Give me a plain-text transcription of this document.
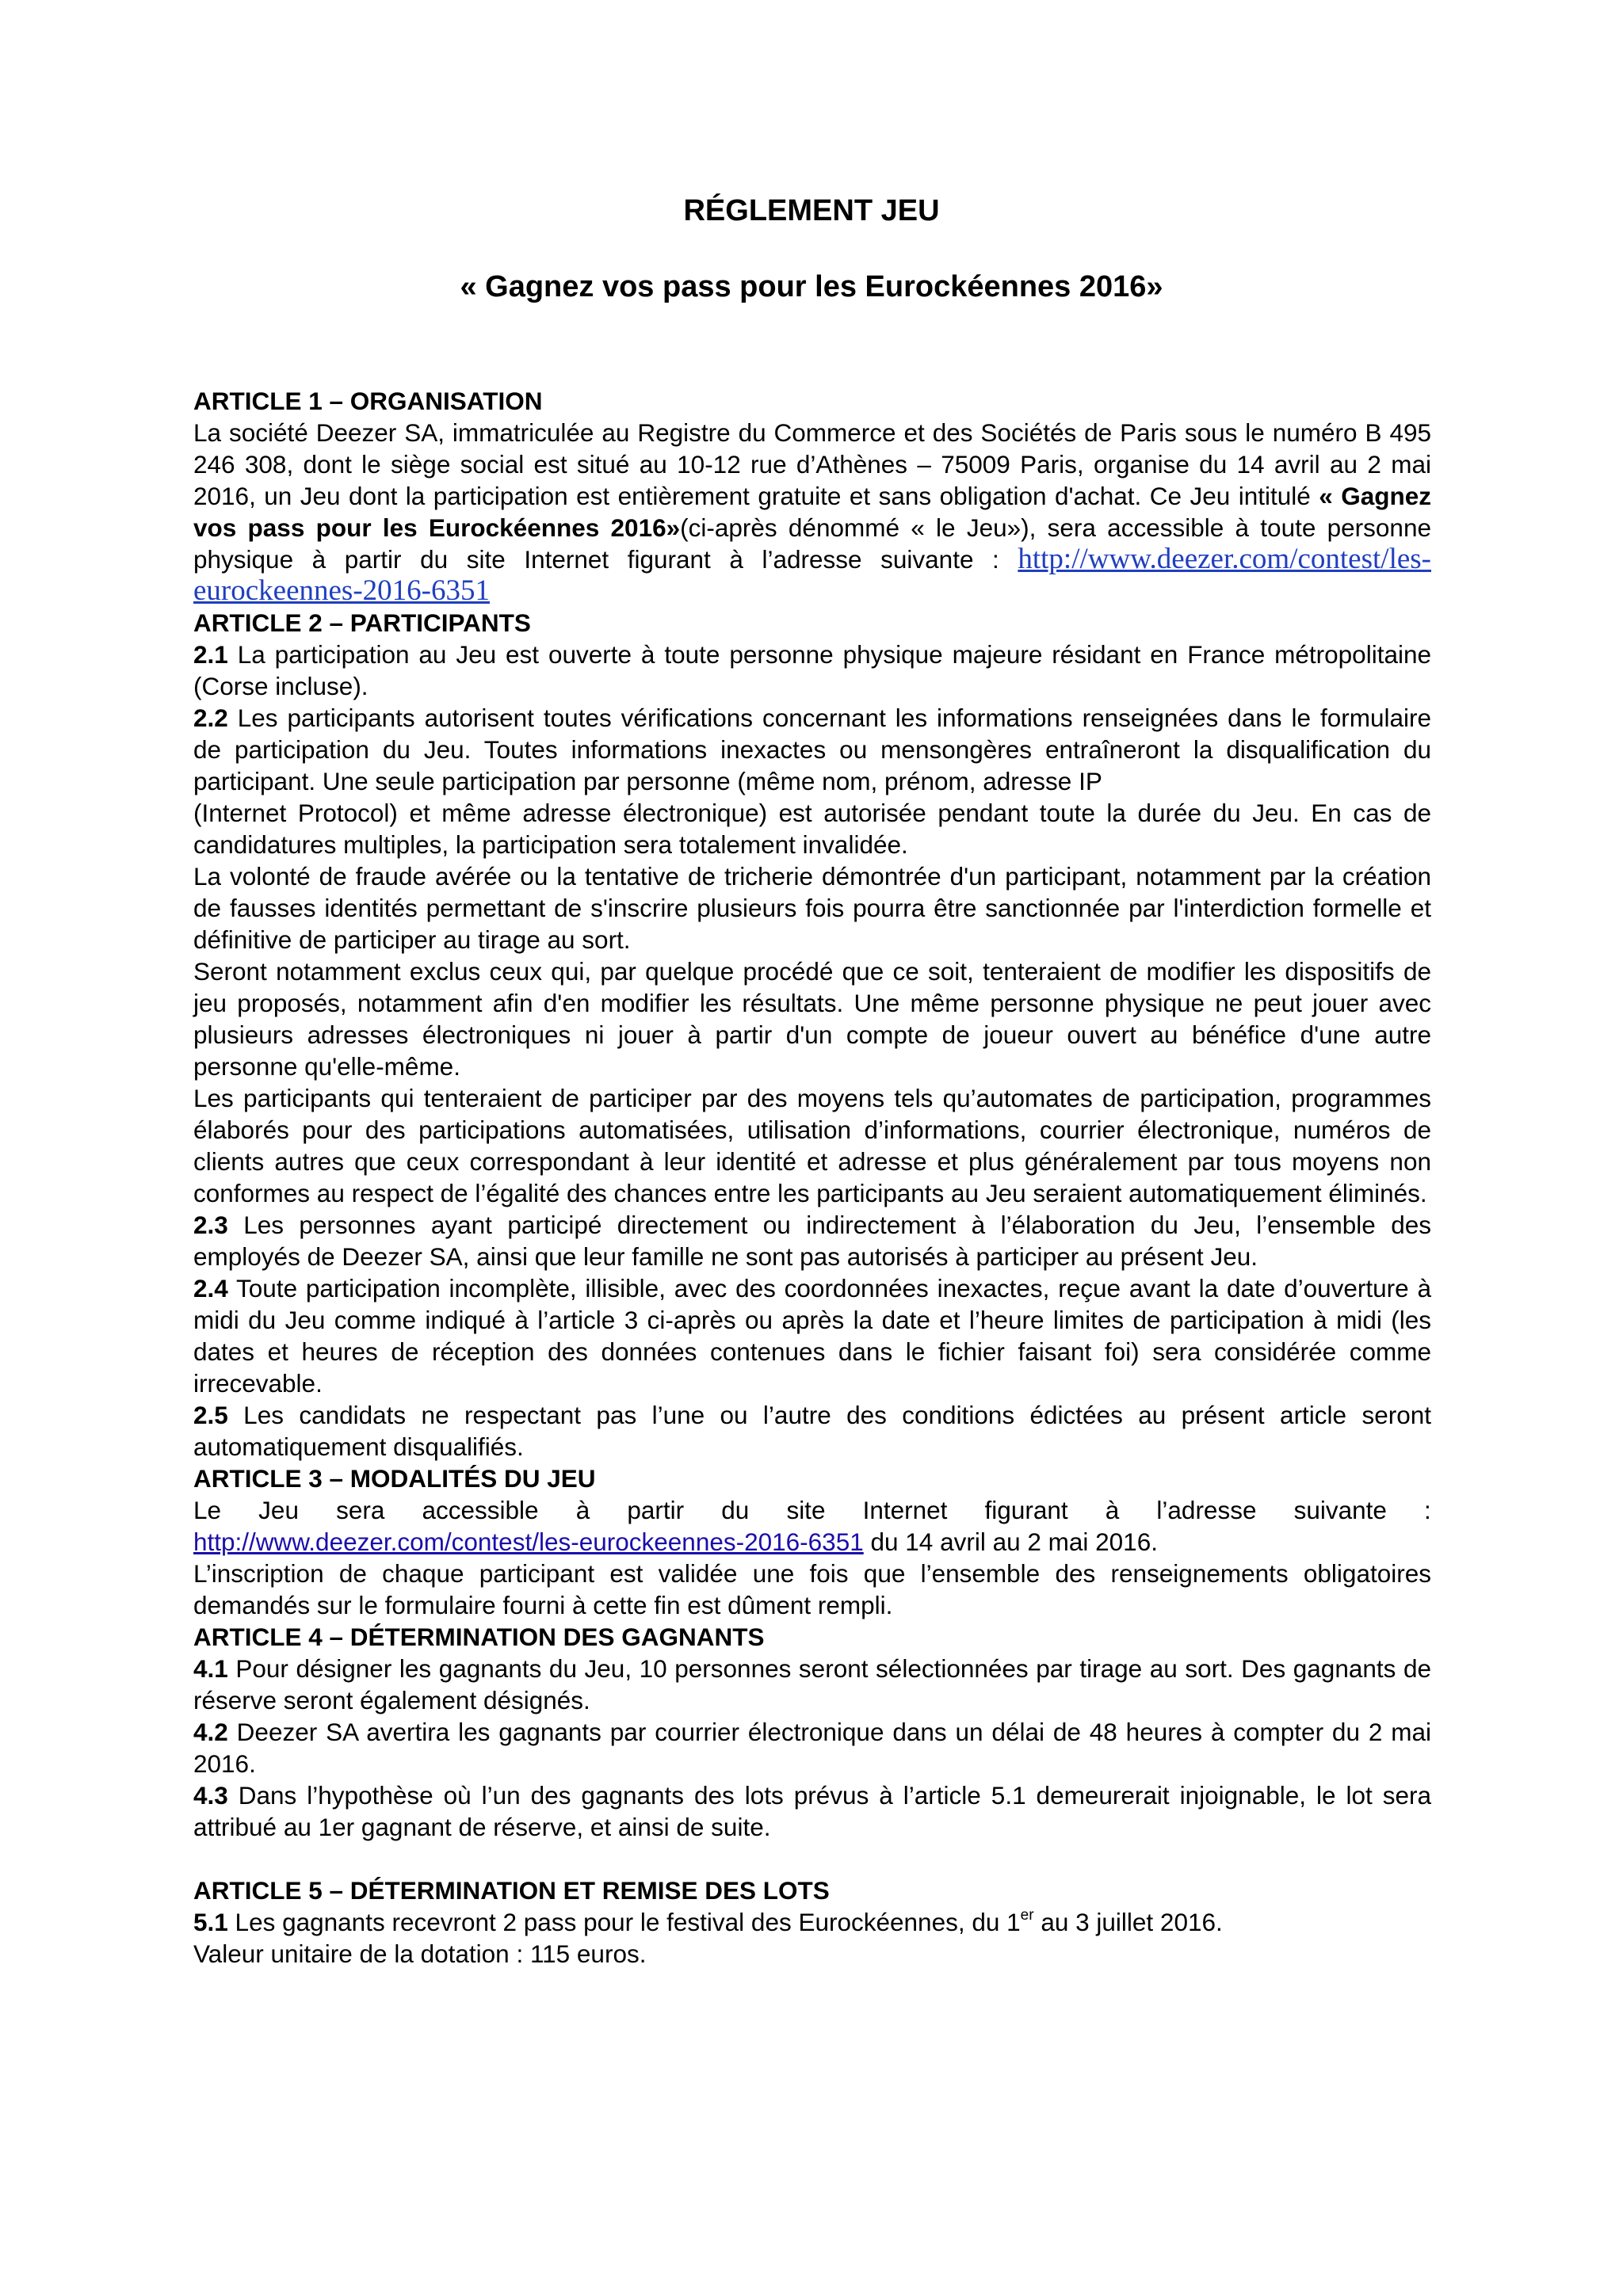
RÉGLEMENT JEU
« Gagnez vos pass pour les Eurockéennes 2016»

ARTICLE 1 – ORGANISATION

La société Deezer SA, immatriculée au Registre du Commerce et des Sociétés de Paris sous le numéro B 495 246 308, dont le siège social est situé au 10-12 rue d’Athènes – 75009 Paris, organise du 14 avril au 2 mai 2016, un Jeu dont la participation est entièrement gratuite et sans obligation d'achat. Ce Jeu intitulé « Gagnez vos pass pour les Eurockéennes 2016»(ci-après dénommé « le Jeu»), sera accessible à toute personne physique à partir du site Internet figurant à l’adresse suivante : http://www.deezer.com/contest/les-eurockeennes-2016-6351

ARTICLE 2 – PARTICIPANTS

2.1 La participation au Jeu est ouverte à toute personne physique majeure résidant en France métropolitaine (Corse incluse).

2.2 Les participants autorisent toutes vérifications concernant les informations renseignées dans le formulaire de participation du Jeu. Toutes informations inexactes ou mensongères entraîneront la disqualification du participant. Une seule participation par personne (même nom, prénom, adresse IP
(Internet Protocol) et même adresse électronique) est autorisée pendant toute la durée du Jeu. En cas de candidatures multiples, la participation sera totalement invalidée.

La volonté de fraude avérée ou la tentative de tricherie démontrée d'un participant, notamment par la création de fausses identités permettant de s'inscrire plusieurs fois pourra être sanctionnée par l'interdiction formelle et définitive de participer au tirage au sort.

Seront notamment exclus ceux qui, par quelque procédé que ce soit, tenteraient de modifier les dispositifs de jeu proposés, notamment afin d'en modifier les résultats. Une même personne physique ne peut jouer avec plusieurs adresses électroniques ni jouer à partir d'un compte de joueur ouvert au bénéfice d'une autre personne qu'elle-même.

Les participants qui tenteraient de participer par des moyens tels qu’automates de participation, programmes élaborés pour des participations automatisées, utilisation d’informations, courrier électronique, numéros de clients autres que ceux correspondant à leur identité et adresse et plus généralement par tous moyens non conformes au respect de l’égalité des chances entre les participants au Jeu seraient automatiquement éliminés.

2.3 Les personnes ayant participé directement ou indirectement à l’élaboration du Jeu, l’ensemble des employés de Deezer SA, ainsi que leur famille ne sont pas autorisés à participer au présent Jeu.

2.4 Toute participation incomplète, illisible, avec des coordonnées inexactes, reçue avant la date d’ouverture à midi du Jeu comme indiqué à l’article 3 ci-après ou après la date et l’heure limites de participation à midi (les dates et heures de réception des données contenues dans le fichier faisant foi) sera considérée comme irrecevable.

2.5 Les candidats ne respectant pas l’une ou l’autre des conditions édictées au présent article seront automatiquement disqualifiés.

ARTICLE 3 – MODALITÉS DU JEU

Le Jeu sera accessible à partir du site Internet figurant à l’adresse suivante :

http://www.deezer.com/contest/les-eurockeennes-2016-6351 du 14 avril au 2 mai 2016.

L’inscription de chaque participant est validée une fois que l’ensemble des renseignements obligatoires demandés sur le formulaire fourni à cette fin est dûment rempli.

ARTICLE 4 – DÉTERMINATION DES GAGNANTS

4.1 Pour désigner les gagnants du Jeu, 10 personnes seront sélectionnées par tirage au sort. Des gagnants de réserve seront également désignés.

4.2 Deezer SA avertira les gagnants par courrier électronique dans un délai de 48 heures à compter du 2 mai 2016.

4.3 Dans l’hypothèse où l’un des gagnants des lots prévus à l’article 5.1 demeurerait injoignable, le lot sera attribué au 1er gagnant de réserve, et ainsi de suite.

ARTICLE 5 – DÉTERMINATION ET REMISE DES LOTS

5.1 Les gagnants recevront 2 pass pour le festival des Eurockéennes, du 1er au 3 juillet 2016.
Valeur unitaire de la dotation : 115 euros.
